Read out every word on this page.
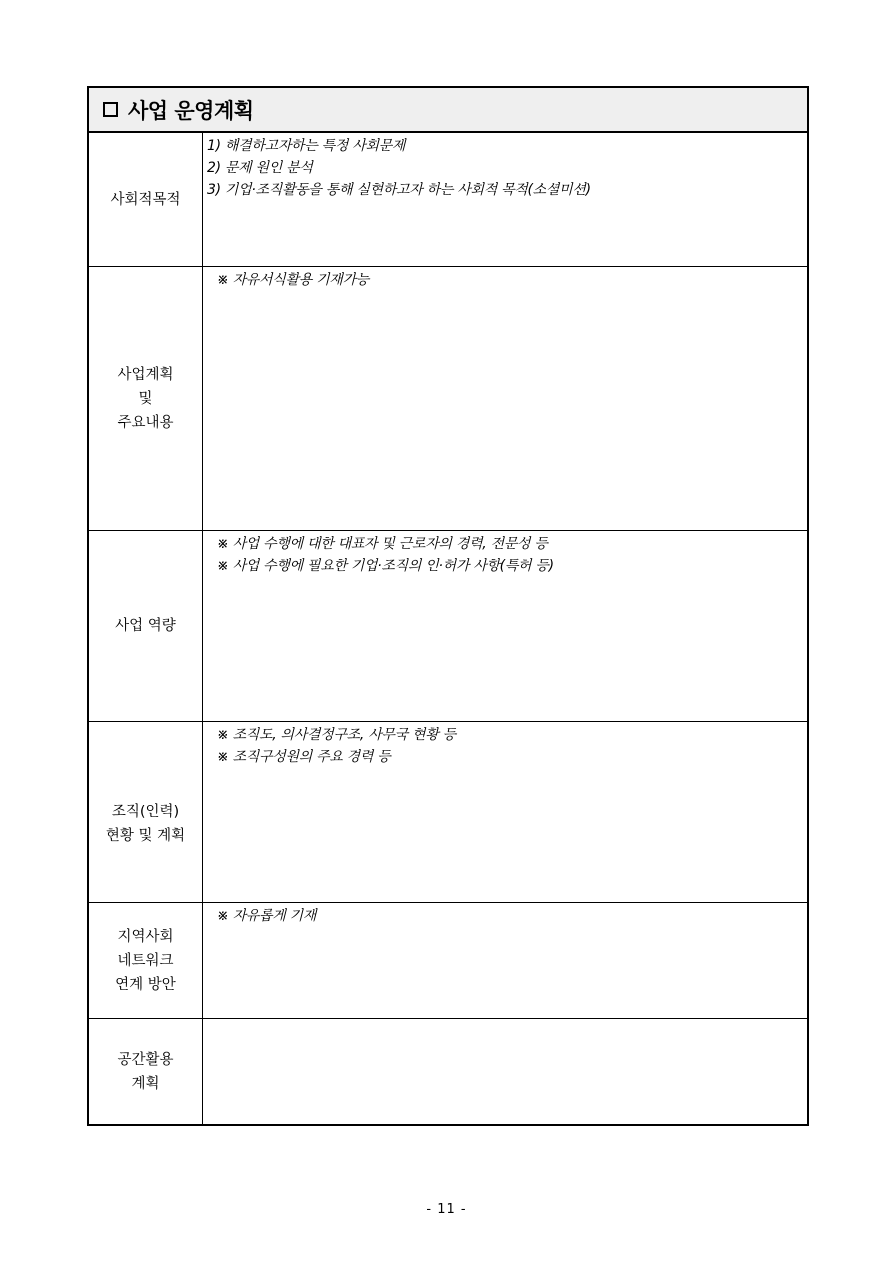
사업 운영계획
사회적목적
1) 해결하고자하는 특정 사회문제
2) 문제 원인 분석
3) 기업·조직활동을 통해 실현하고자 하는 사회적 목적(소셜미션)
사업계획
및
주요내용
※ 자유서식활용 기재가능
사업 역량
※ 사업 수행에 대한 대표자 및 근로자의 경력, 전문성 등
※ 사업 수행에 필요한 기업·조직의 인·허가 사항(특허 등)
조직(인력)
현황 및 계획
※ 조직도, 의사결정구조, 사무국 현황 등
※ 조직구성원의 주요 경력 등
지역사회
네트워크
연계 방안
※ 자유롭게 기재
공간활용
계획
- 11 -
